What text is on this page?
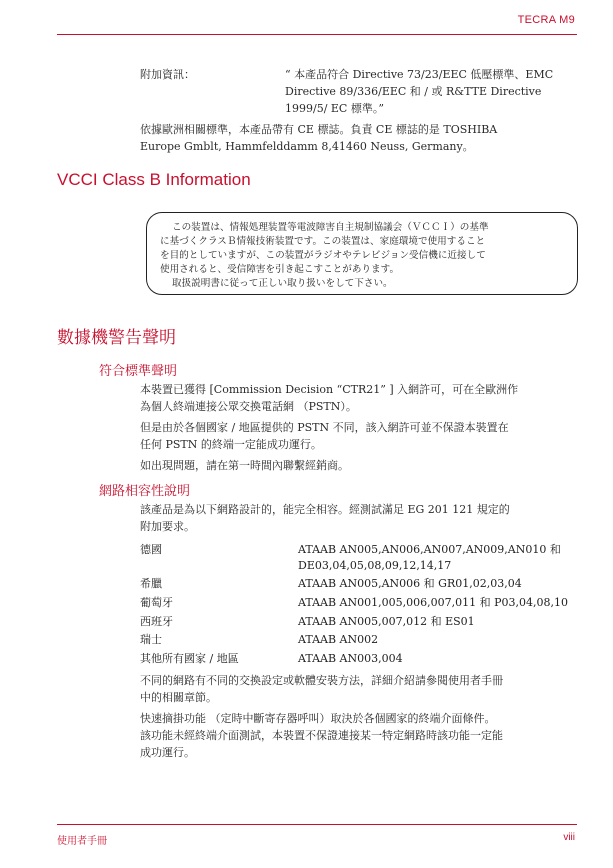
TECRA M9
附加資訊：	“ 本產品符合 Directive 73/23/EEC 低壓標準、EMC
Directive 89/336/EEC 和 / 或 R&TTE Directive
1999/5/ EC 標準。”
依據歐洲相關標準，本產品帶有 CE 標誌。負責 CE 標誌的是 TOSHIBA
Europe Gmblt, Hammfelddamm 8,41460 Neuss, Germany。
VCCI Class B Information
この装置は、情報処理装置等電波障害自主規制協議会（ＶＣＣＩ）の基準
に基づくクラスＢ情報技術装置です。この装置は、家庭環境で使用すること
を目的としていますが、この装置がラジオやテレビジョン受信機に近接して
使用されると、受信障害を引き起こすことがあります。
取扱説明書に従って正しい取り扱いをして下さい。
數據機警告聲明
符合標準聲明
本裝置已獲得 [Commission Decision “CTR21” ] 入網許可，可在全歐洲作
為個人終端連接公眾交換電話網 （PSTN）。
但是由於各個國家 / 地區提供的 PSTN 不同，該入網許可並不保證本裝置在
任何 PSTN 的終端一定能成功運行。
如出現問題，請在第一時間內聯繫經銷商。
網路相容性說明
該產品是為以下網路設計的，能完全相容。經測試滿足 EG 201 121 規定的
附加要求。
德國	ATAAB AN005,AN006,AN007,AN009,AN010 和
DE03,04,05,08,09,12,14,17
希臘	ATAAB AN005,AN006 和 GR01,02,03,04
葡萄牙	ATAAB AN001,005,006,007,011 和 P03,04,08,10
西班牙	ATAAB AN005,007,012 和 ES01
瑞士	ATAAB AN002
其他所有國家 / 地區	ATAAB AN003,004
不同的網路有不同的交換設定或軟體安裝方法，詳細介紹請參閱使用者手冊
中的相關章節。
快速摘掛功能 （定時中斷寄存器呼叫）取決於各個國家的終端介面條件。
該功能未經終端介面測試，本裝置不保證連接某一特定網路時該功能一定能
成功運行。
使用者手冊	viii
